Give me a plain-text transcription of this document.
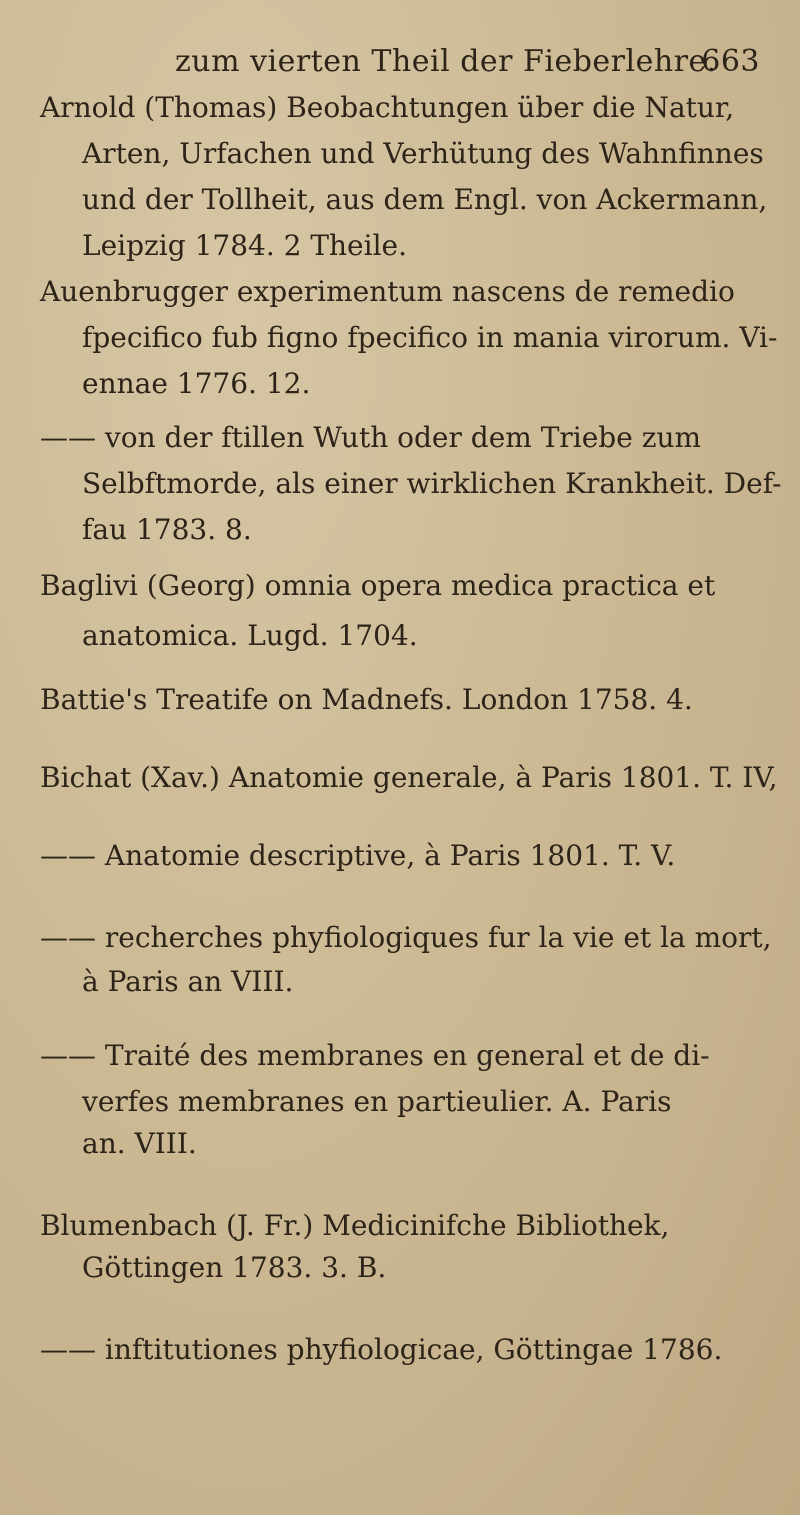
zum vierten Theil der Fieberlehre.
663
Arnold (Thomas) Beobachtungen über die Natur,
Arten, Urfachen und Verhütung des Wahnfinnes
und der Tollheit, aus dem Engl. von Ackermann,
Leipzig 1784. 2 Theile.
Auenbrugger experimentum nascens de remedio
fpecifico fub figno fpecifico in mania virorum. Vi-
ennae 1776. 12.
—— von der ftillen Wuth oder dem Triebe zum
Selbftmorde, als einer wirklichen Krankheit. Def-
fau 1783. 8.
Baglivi (Georg) omnia opera medica practica et
anatomica. Lugd. 1704.
Battie's Treatife on Madnefs. London 1758. 4.
Bichat (Xav.) Anatomie generale, à Paris 1801. T. IV,
—— Anatomie descriptive, à Paris 1801. T. V.
—— recherches phyfiologiques fur la vie et la mort,
à Paris an VIII.
—— Traité des membranes en general et de di-
verfes membranes en partieulier. A. Paris
an. VIII.
Blumenbach (J. Fr.) Medicinifche Bibliothek,
Göttingen 1783. 3. B.
—— inftitutiones phyfiologicae, Göttingae 1786.
